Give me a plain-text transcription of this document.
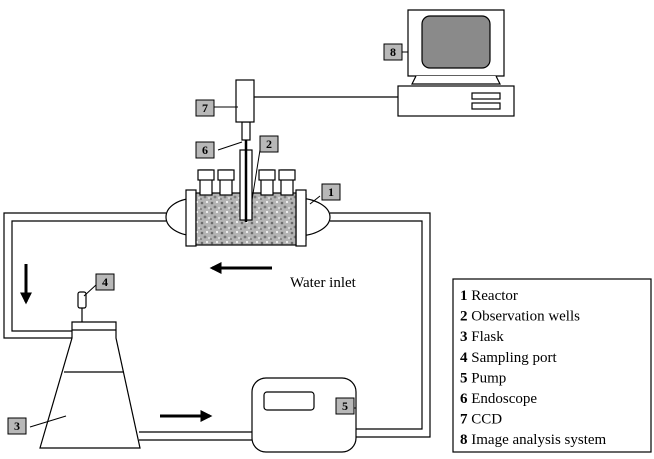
Water inlet
1
2
3
4
5
6
7
8
1 Reactor
2 Observation wells
3 Flask
4 Sampling port
5 Pump
6 Endoscope
7 CCD
8 Image analysis system
